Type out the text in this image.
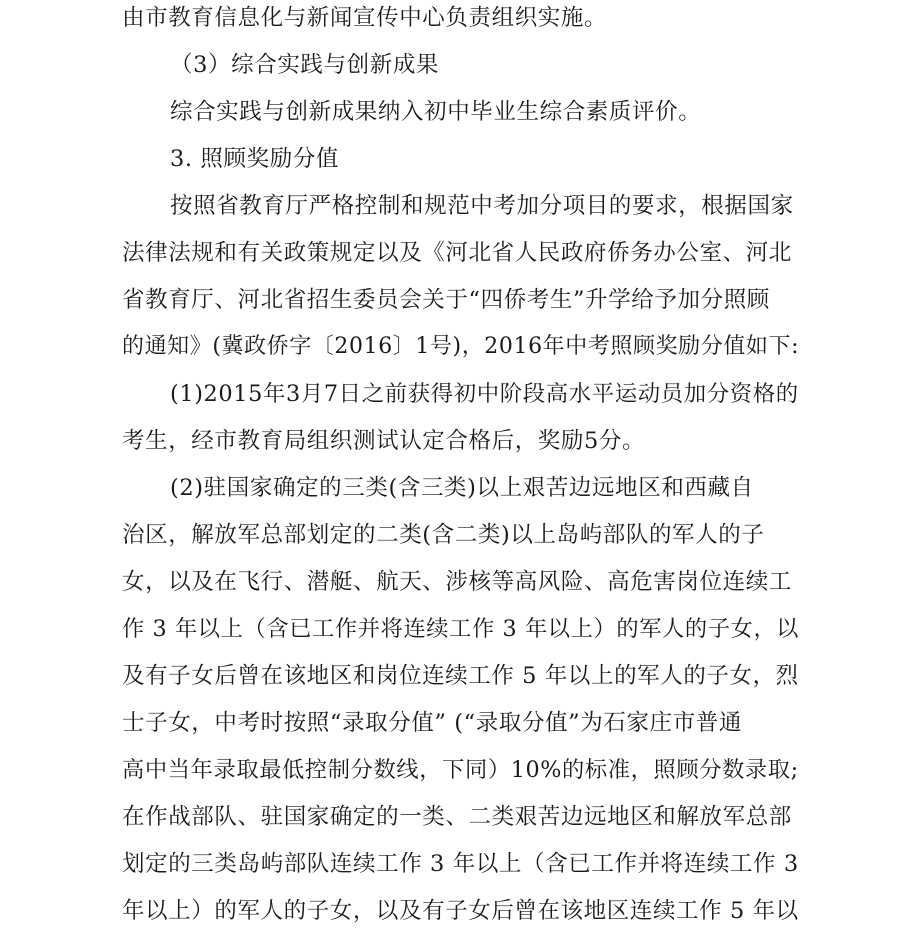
由市教育信息化与新闻宣传中心负责组织实施。
（3）综合实践与创新成果
综合实践与创新成果纳入初中毕业生综合素质评价。
3. 照顾奖励分值
按照省教育厅严格控制和规范中考加分项目的要求，根据国家
法律法规和有关政策规定以及《河北省人民政府侨务办公室、河北
省教育厅、河北省招生委员会关于“四侨考生”升学给予加分照顾
的通知》(冀政侨字〔2016〕1号)，2016年中考照顾奖励分值如下:
(1)2015年3月7日之前获得初中阶段高水平运动员加分资格的
考生，经市教育局组织测试认定合格后，奖励5分。
(2)驻国家确定的三类(含三类)以上艰苦边远地区和西藏自
治区，解放军总部划定的二类(含二类)以上岛屿部队的军人的子
女，以及在飞行、潜艇、航天、涉核等高风险、高危害岗位连续工
作 3 年以上（含已工作并将连续工作 3 年以上）的军人的子女，以
及有子女后曾在该地区和岗位连续工作 5 年以上的军人的子女，烈
士子女，中考时按照“录取分值” (“录取分值”为石家庄市普通
高中当年录取最低控制分数线，下同）10%的标准，照顾分数录取;
在作战部队、驻国家确定的一类、二类艰苦边远地区和解放军总部
划定的三类岛屿部队连续工作 3 年以上（含已工作并将连续工作 3
年以上）的军人的子女，以及有子女后曾在该地区连续工作 5 年以
